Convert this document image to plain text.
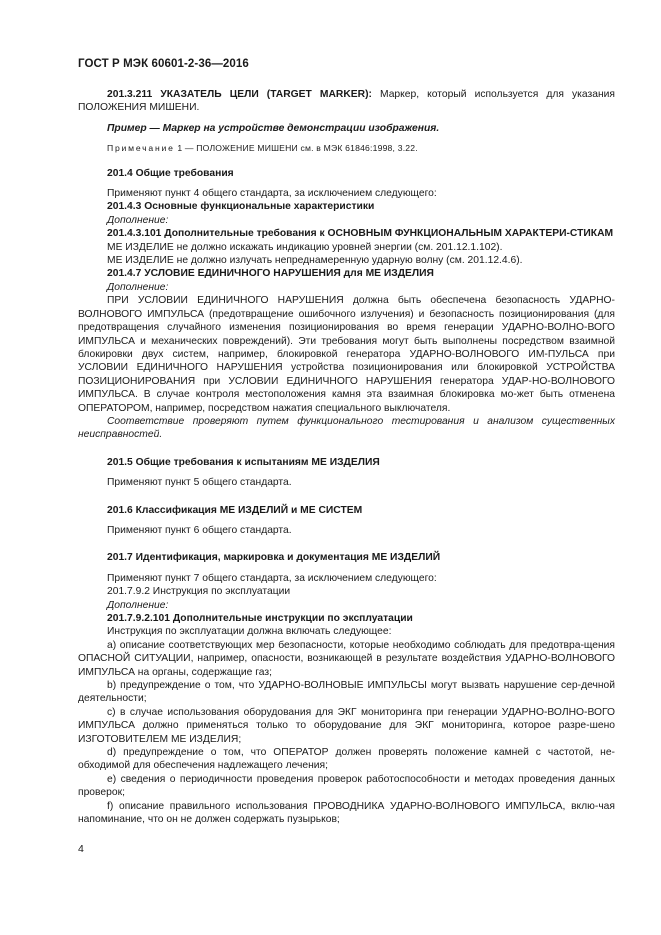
ГОСТ Р МЭК 60601-2-36—2016

201.3.211 УКАЗАТЕЛЬ ЦЕЛИ (TARGET MARKER): Маркер, который используется для указания ПОЛОЖЕНИЯ МИШЕНИ.

Пример — Маркер на устройстве демонстрации изображения.

Примечание 1 — ПОЛОЖЕНИЕ МИШЕНИ см. в МЭК 61846:1998, 3.22.

201.4 Общие требования

Применяют пункт 4 общего стандарта, за исключением следующего:

201.4.3 Основные функциональные характеристики

Дополнение:

201.4.3.101 Дополнительные требования к ОСНОВНЫМ ФУНКЦИОНАЛЬНЫМ ХАРАКТЕРИ-СТИКАМ

МЕ ИЗДЕЛИЕ не должно искажать индикацию уровней энергии (см. 201.12.1.102).

МЕ ИЗДЕЛИЕ не должно излучать непреднамеренную ударную волну (см. 201.12.4.6).

201.4.7 УСЛОВИЕ ЕДИНИЧНОГО НАРУШЕНИЯ для МЕ ИЗДЕЛИЯ

Дополнение:

ПРИ УСЛОВИИ ЕДИНИЧНОГО НАРУШЕНИЯ должна быть обеспечена безопасность УДАРНО-ВОЛНОВОГО ИМПУЛЬСА (предотвращение ошибочного излучения) и безопасность позиционирования (для предотвращения случайного изменения позиционирования во время генерации УДАРНО-ВОЛНО-ВОГО ИМПУЛЬСА и механических повреждений). Эти требования могут быть выполнены посредством взаимной блокировки двух систем, например, блокировкой генератора УДАРНО-ВОЛНОВОГО ИМ-ПУЛЬСА при УСЛОВИИ ЕДИНИЧНОГО НАРУШЕНИЯ устройства позиционирования или блокировкой УСТРОЙСТВА ПОЗИЦИОНИРОВАНИЯ при УСЛОВИИ ЕДИНИЧНОГО НАРУШЕНИЯ генератора УДАР-НО-ВОЛНОВОГО ИМПУЛЬСА. В случае контроля местоположения камня эта взаимная блокировка мо-жет быть отменена ОПЕРАТОРОМ, например, посредством нажатия специального выключателя.

Соответствие проверяют путем функционального тестирования и анализом существенных неисправностей.

201.5 Общие требования к испытаниям МЕ ИЗДЕЛИЯ

Применяют пункт 5 общего стандарта.

201.6 Классификация МЕ ИЗДЕЛИЙ и МЕ СИСТЕМ

Применяют пункт 6 общего стандарта.

201.7 Идентификация, маркировка и документация МЕ ИЗДЕЛИЙ

Применяют пункт 7 общего стандарта, за исключением следующего:

201.7.9.2 Инструкция по эксплуатации

Дополнение:

201.7.9.2.101 Дополнительные инструкции по эксплуатации

Инструкция по эксплуатации должна включать следующее:

a) описание соответствующих мер безопасности, которые необходимо соблюдать для предотвра-щения ОПАСНОЙ СИТУАЦИИ, например, опасности, возникающей в результате воздействия УДАРНО-ВОЛНОВОГО ИМПУЛЬСА на органы, содержащие газ;

b) предупреждение о том, что УДАРНО-ВОЛНОВЫЕ ИМПУЛЬСЫ могут вызвать нарушение сер-дечной деятельности;

c) в случае использования оборудования для ЭКГ мониторинга при генерации УДАРНО-ВОЛНО-ВОГО ИМПУЛЬСА должно применяться только то оборудование для ЭКГ мониторинга, которое разре-шено ИЗГОТОВИТЕЛЕМ МЕ ИЗДЕЛИЯ;

d) предупреждение о том, что ОПЕРАТОР должен проверять положение камней с частотой, не-обходимой для обеспечения надлежащего лечения;

e) сведения о периодичности проведения проверок работоспособности и методах проведения данных проверок;

f) описание правильного использования ПРОВОДНИКА УДАРНО-ВОЛНОВОГО ИМПУЛЬСА, вклю-чая напоминание, что он не должен содержать пузырьков;

4
